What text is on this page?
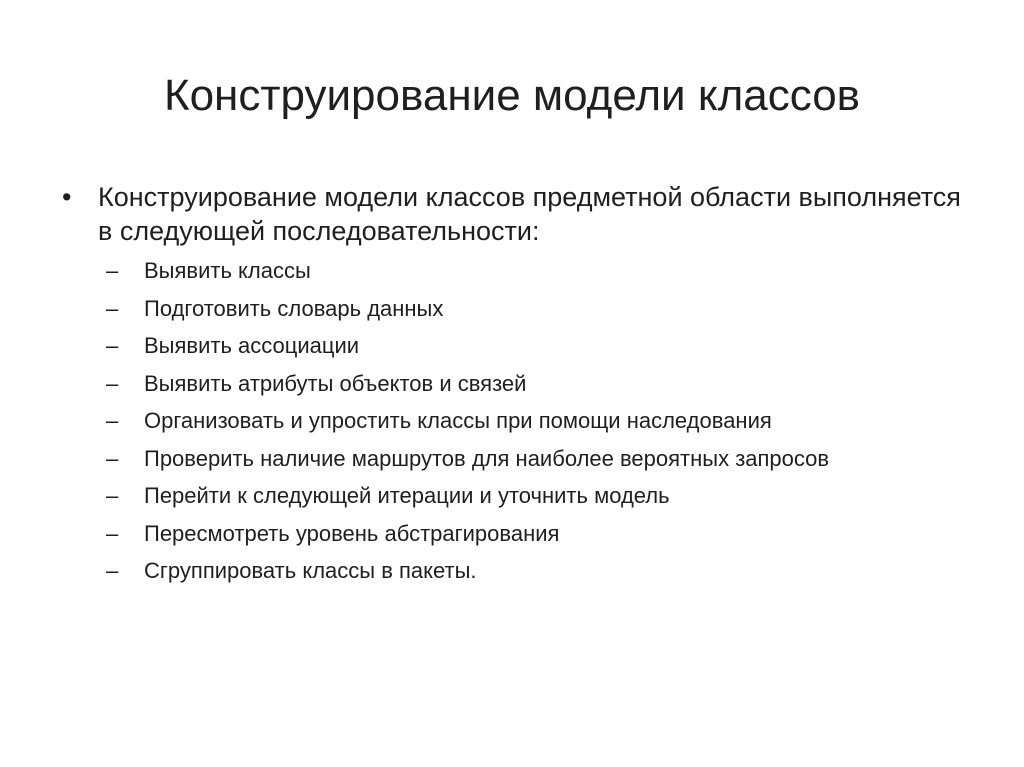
Конструирование модели классов
• Конструирование модели классов предметной области выполняется в следующей последовательности:
– Выявить классы
– Подготовить словарь данных
– Выявить ассоциации
– Выявить атрибуты объектов и связей
– Организовать и упростить классы при помощи наследования
– Проверить наличие маршрутов для наиболее вероятных запросов
– Перейти к следующей итерации и уточнить модель
– Пересмотреть уровень абстрагирования
– Сгруппировать классы в пакеты.
